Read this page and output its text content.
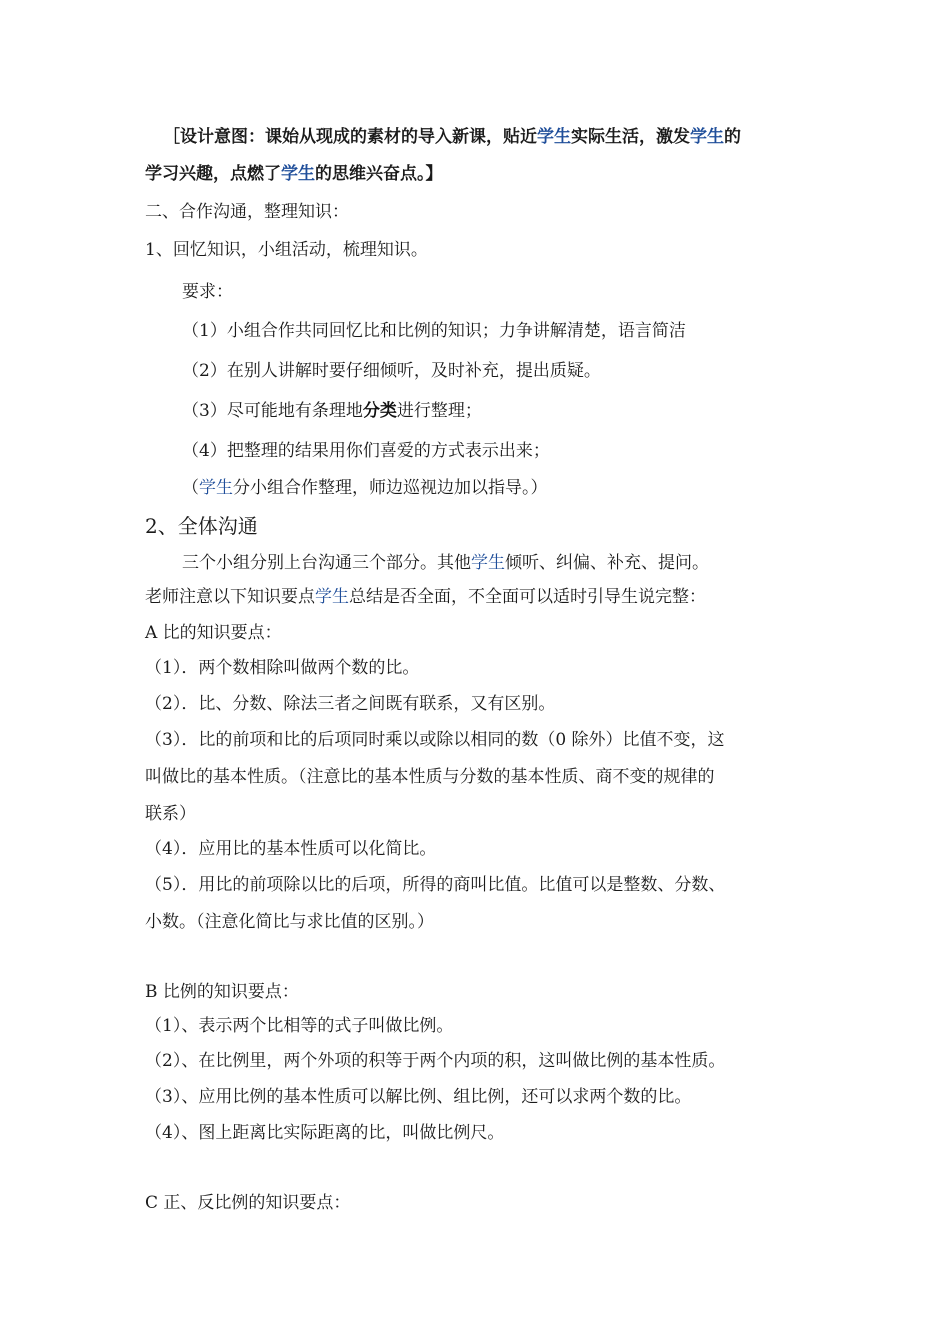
［设计意图：课始从现成的素材的导入新课，贴近学生实际生活，激发学生的
学习兴趣，点燃了学生的思维兴奋点。】
二、合作沟通，整理知识：
1、回忆知识，小组活动，梳理知识。
要求：
（1）小组合作共同回忆比和比例的知识；力争讲解清楚，语言简洁
（2）在别人讲解时要仔细倾听，及时补充，提出质疑。
（3）尽可能地有条理地分类进行整理；
（4）把整理的结果用你们喜爱的方式表示出来；
（学生分小组合作整理，师边巡视边加以指导。）
2、全体沟通
三个小组分别上台沟通三个部分。其他学生倾听、纠偏、补充、提问。
老师注意以下知识要点学生总结是否全面，不全面可以适时引导生说完整：
A 比的知识要点：
（1）．两个数相除叫做两个数的比。
（2）．比、分数、除法三者之间既有联系，又有区别。
（3）．比的前项和比的后项同时乘以或除以相同的数（0 除外）比值不变，这
叫做比的基本性质。（注意比的基本性质与分数的基本性质、商不变的规律的
联系）
（4）．应用比的基本性质可以化简比。
（5）．用比的前项除以比的后项，所得的商叫比值。比值可以是整数、分数、
小数。（注意化简比与求比值的区别。）
B 比例的知识要点：
（1）、表示两个比相等的式子叫做比例。
（2）、在比例里，两个外项的积等于两个内项的积，这叫做比例的基本性质。
（3）、应用比例的基本性质可以解比例、组比例，还可以求两个数的比。
（4）、图上距离比实际距离的比，叫做比例尺。
C 正、反比例的知识要点：
